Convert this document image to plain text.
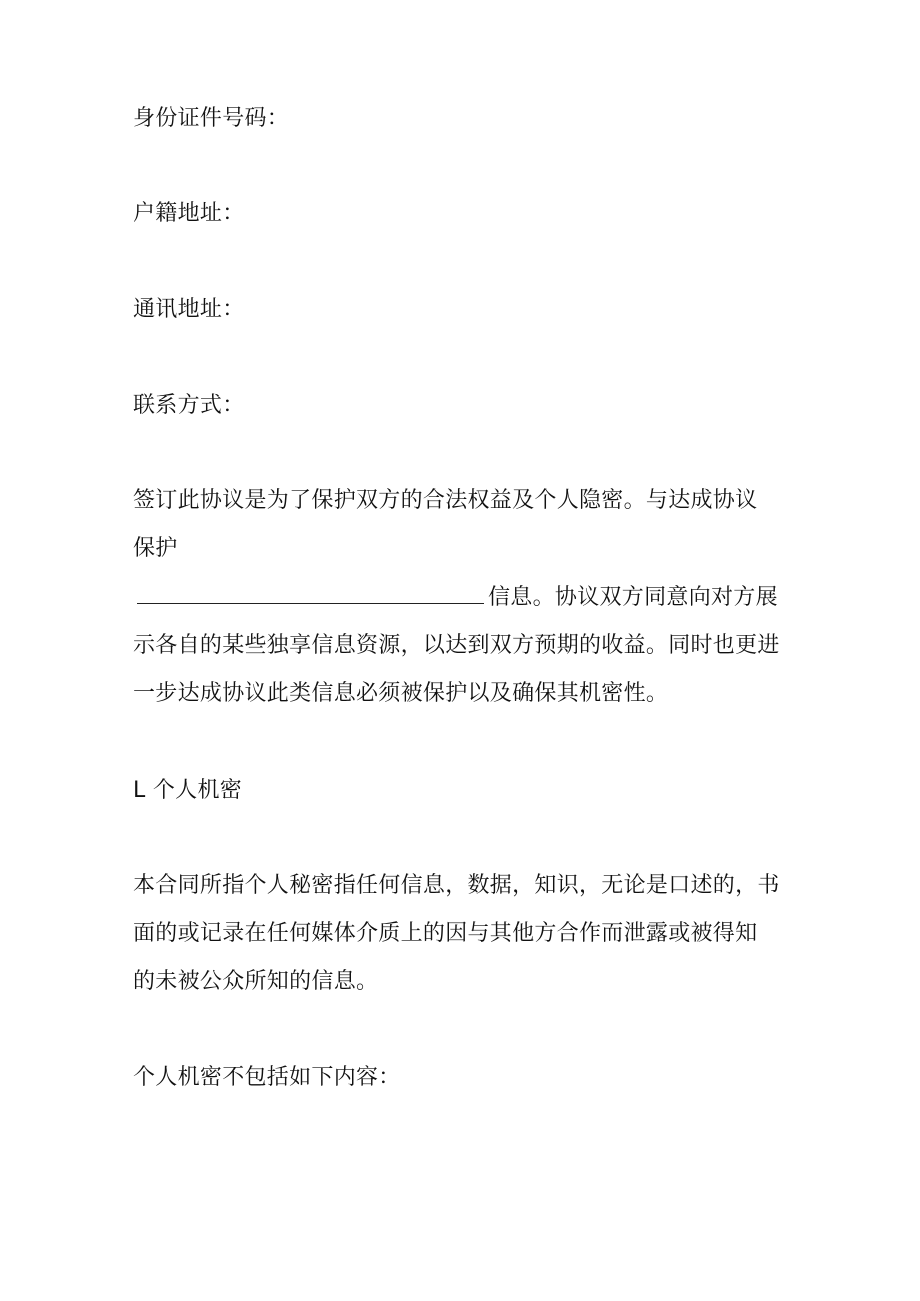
身份证件号码：
户籍地址：
通讯地址：
联系方式：
签订此协议是为了保护双方的合法权益及个人隐密。与达成协议
保护
信息。协议双方同意向对方展
示各自的某些独享信息资源，以达到双方预期的收益。同时也更进
一步达成协议此类信息必须被保护以及确保其机密性。
L 个人机密
本合同所指个人秘密指任何信息，数据，知识，无论是口述的，书
面的或记录在任何媒体介质上的因与其他方合作而泄露或被得知
的未被公众所知的信息。
个人机密不包括如下内容：
